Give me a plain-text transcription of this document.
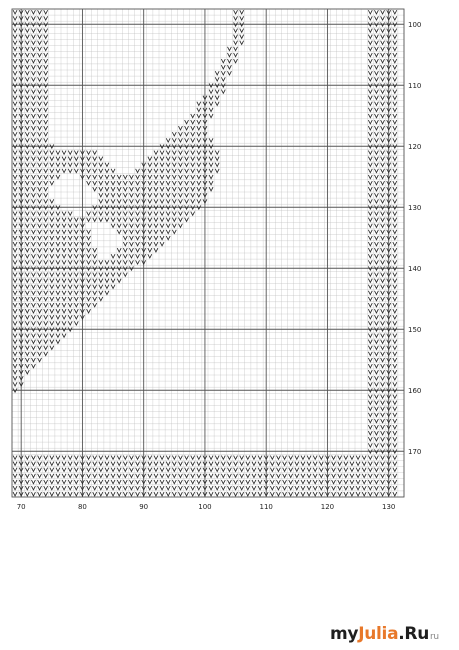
70	80	90	100	110	120	130
100
110
120
130
140
150
160
170
myJulia.Ruru
